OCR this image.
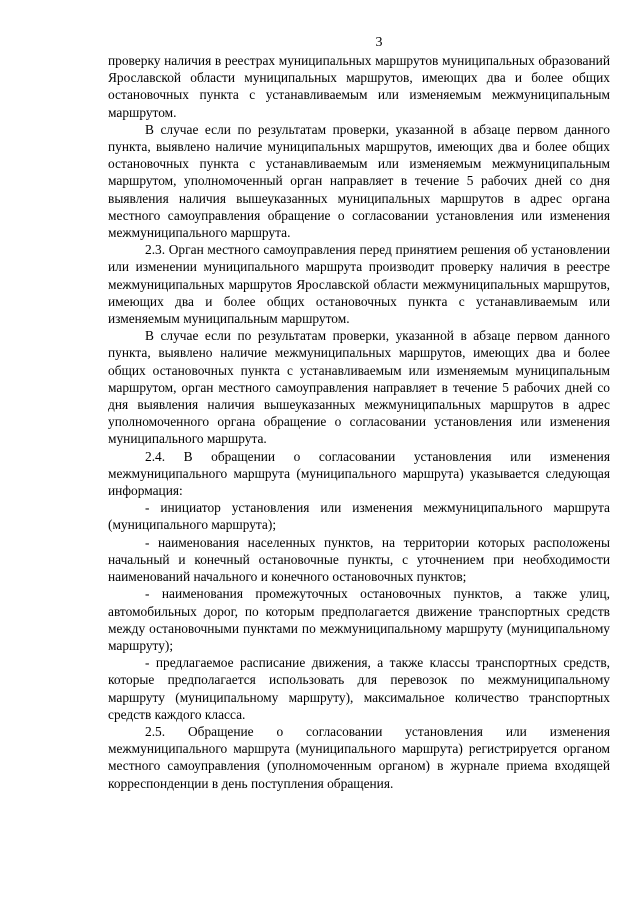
3

проверку наличия в реестрах муниципальных маршрутов муниципальных образований Ярославской области муниципальных маршрутов, имеющих два и более общих остановочных пункта с устанавливаемым или изменяемым межмуниципальным маршрутом.

В случае если по результатам проверки, указанной в абзаце первом данного пункта, выявлено наличие муниципальных маршрутов, имеющих два и более общих остановочных пункта с устанавливаемым или изменяемым межмуниципальным маршрутом, уполномоченный орган направляет в течение 5 рабочих дней со дня выявления наличия вышеуказанных муниципальных маршрутов в адрес органа местного самоуправления обращение о согласовании установления или изменения межмуниципального маршрута.

2.3. Орган местного самоуправления перед принятием решения об установлении или изменении муниципального маршрута производит проверку наличия в реестре межмуниципальных маршрутов Ярославской области межмуниципальных маршрутов, имеющих два и более общих остановочных пункта с устанавливаемым или изменяемым муниципальным маршрутом.

В случае если по результатам проверки, указанной в абзаце первом данного пункта, выявлено наличие межмуниципальных маршрутов, имеющих два и более общих остановочных пункта с устанавливаемым или изменяемым муниципальным маршрутом, орган местного самоуправления направляет в течение 5 рабочих дней со дня выявления наличия вышеуказанных межмуниципальных маршрутов в адрес уполномоченного органа обращение о согласовании установления или изменения муниципального маршрута.

2.4. В обращении о согласовании установления или изменения межмуниципального маршрута (муниципального маршрута) указывается следующая информация:

- инициатор установления или изменения межмуниципального маршрута (муниципального маршрута);

- наименования населенных пунктов, на территории которых расположены начальный и конечный остановочные пункты, с уточнением при необходимости наименований начального и конечного остановочных пунктов;

- наименования промежуточных остановочных пунктов, а также улиц, автомобильных дорог, по которым предполагается движение транспортных средств между остановочными пунктами по межмуниципальному маршруту (муниципальному маршруту);

- предлагаемое расписание движения, а также классы транспортных средств, которые предполагается использовать для перевозок по межмуниципальному маршруту (муниципальному маршруту), максимальное количество транспортных средств каждого класса.

2.5. Обращение о согласовании установления или изменения межмуниципального маршрута (муниципального маршрута) регистрируется органом местного самоуправления (уполномоченным органом) в журнале приема входящей корреспонденции в день поступления обращения.
